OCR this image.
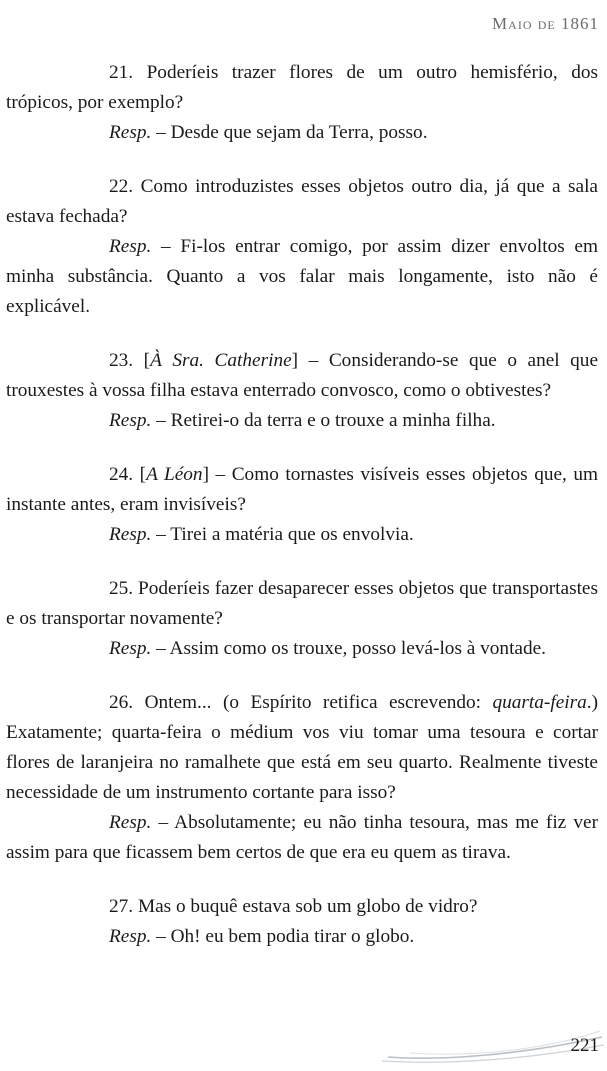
Maio de 1861

21. Poderíeis trazer flores de um outro hemisfério, dos trópicos, por exemplo?

Resp. – Desde que sejam da Terra, posso.

22. Como introduzistes esses objetos outro dia, já que a sala estava fechada?

Resp. – Fi-los entrar comigo, por assim dizer envoltos em minha substância. Quanto a vos falar mais longamente, isto não é explicável.

23. [À Sra. Catherine] – Considerando-se que o anel que trouxestes à vossa filha estava enterrado convosco, como o obtivestes?

Resp. – Retirei-o da terra e o trouxe a minha filha.

24. [A Léon] – Como tornastes visíveis esses objetos que, um instante antes, eram invisíveis?

Resp. – Tirei a matéria que os envolvia.

25. Poderíeis fazer desaparecer esses objetos que transportastes e os transportar novamente?

Resp. – Assim como os trouxe, posso levá-los à vontade.

26. Ontem... (o Espírito retifica escrevendo: quarta-feira.) Exatamente; quarta-feira o médium vos viu tomar uma tesoura e cortar flores de laranjeira no ramalhete que está em seu quarto. Realmente tiveste necessidade de um instrumento cortante para isso?

Resp. – Absolutamente; eu não tinha tesoura, mas me fiz ver assim para que ficassem bem certos de que era eu quem as tirava.

27. Mas o buquê estava sob um globo de vidro?

Resp. – Oh! eu bem podia tirar o globo.

221
